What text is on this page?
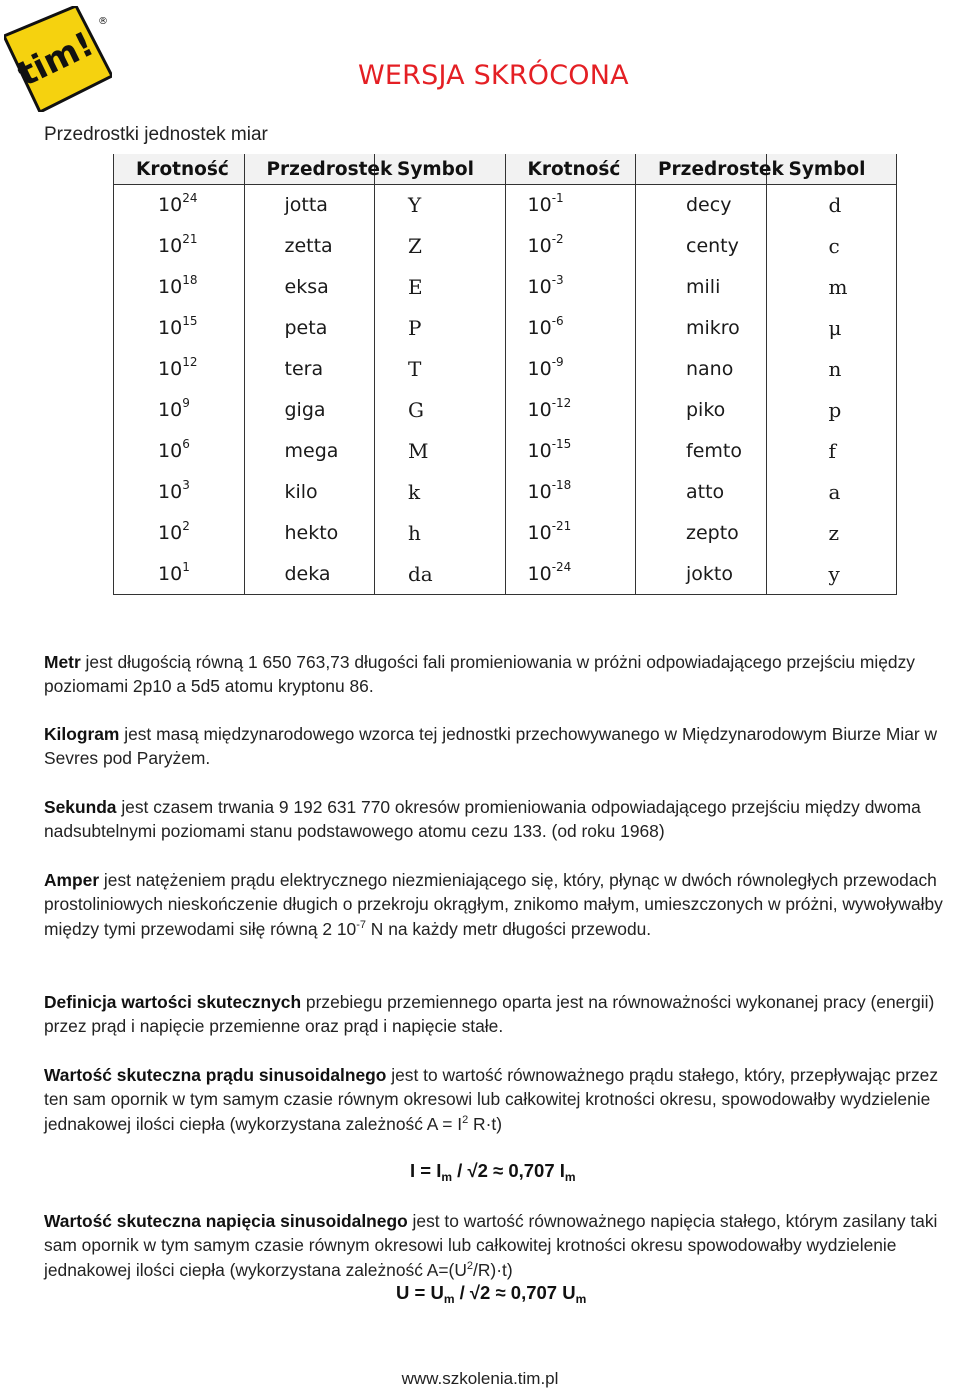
tim!
®
WERSJA SKRÓCONA
Przedrostki jednostek miar
Krotność	Przedrostek	Symbol	Krotność	Przedrostek	Symbol
$10^{24}$	jotta	Y	$10^{-1}$	decy	d
$10^{21}$	zetta	Z	$10^{-2}$	centy	c
$10^{18}$	eksa	E	$10^{-3}$	mili	m
$10^{15}$	peta	P	$10^{-6}$	mikro	μ
$10^{12}$	tera	T	$10^{-9}$	nano	n
$10^9$	giga	G	$10^{-12}$	piko	p
$10^6$	mega	M	$10^{-15}$	femto	f
$10^3$	kilo	k	$10^{-18}$	atto	a
$10^2$	hekto	h	$10^{-21}$	zepto	z
$10^1$	deka	da	$10^{-24}$	jokto	y

Metr jest długością równą 1 650 763,73 długości fali promieniowania w próżni odpowiadającego przejściu między poziomami 2p10 a 5d5 atomu kryptonu 86.

Kilogram jest masą międzynarodowego wzorca tej jednostki przechowywanego w Międzynarodowym Biurze Miar w Sevres pod Paryżem.

Sekunda jest czasem trwania 9 192 631 770 okresów promieniowania odpowiadającego przejściu między dwoma nadsubtelnymi poziomami stanu podstawowego atomu cezu 133. (od roku 1968)

Amper jest natężeniem prądu elektrycznego niezmieniającego się, który, płynąc w dwóch równoległych przewodach prostoliniowych nieskończenie długich o przekroju okrągłym, znikomo małym, umieszczonych w próżni, wywoływałby między tymi przewodami siłę równą 2 $10^{-7}$ N na każdy metr długości przewodu.

Definicja wartości skutecznych przebiegu przemiennego oparta jest na równoważności wykonanej pracy (energii) przez prąd i napięcie przemienne oraz prąd i napięcie stałe.

Wartość skuteczna prądu sinusoidalnego jest to wartość równoważnego prądu stałego, który, przepływając przez ten sam opornik w tym samym czasie równym okresowi lub całkowitej krotności okresu, spowodowałby wydzielenie jednakowej ilości ciepła (wykorzystana zależność $A = I^2$ R·t)

$I = I_m / √2 \approx 0,707$ $I_m$

Wartość skuteczna napięcia sinusoidalnego jest to wartość równoważnego napięcia stałego, którym zasilany taki sam opornik w tym samym czasie równym okresowi lub całkowitej krotności okresu spowodowałby wydzielenie jednakowej ilości ciepła (wykorzystana zależność $A=(U^2/R)\cdot t$)

$U = U_m / √2 \approx 0,707$ $U_m$
www.szkolenia.tim.pl
